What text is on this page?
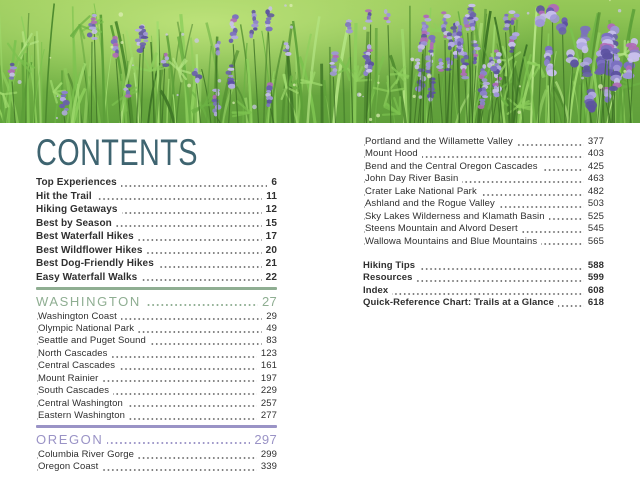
CONTENTS
Top Experiences	6
Hit the Trail	11
Hiking Getaways	12
Best by Season	15
Best Waterfall Hikes	17
Best Wildflower Hikes	20
Best Dog-Friendly Hikes	21
Easy Waterfall Walks	22
WASHINGTON	27
Washington Coast	29
Olympic National Park	49
Seattle and Puget Sound	83
North Cascades	123
Central Cascades	161
Mount Rainier	197
South Cascades	229
Central Washington	257
Eastern Washington	277
OREGON	297
Columbia River Gorge	299
Oregon Coast	339
Portland and the Willamette Valley	377
Mount Hood	403
Bend and the Central Oregon Cascades	425
John Day River Basin	463
Crater Lake National Park	482
Ashland and the Rogue Valley	503
Sky Lakes Wilderness and Klamath Basin	525
Steens Mountain and Alvord Desert	545
Wallowa Mountains and Blue Mountains	565
Hiking Tips	588
Resources	599
Index	608
Quick-Reference Chart: Trails at a Glance	618
